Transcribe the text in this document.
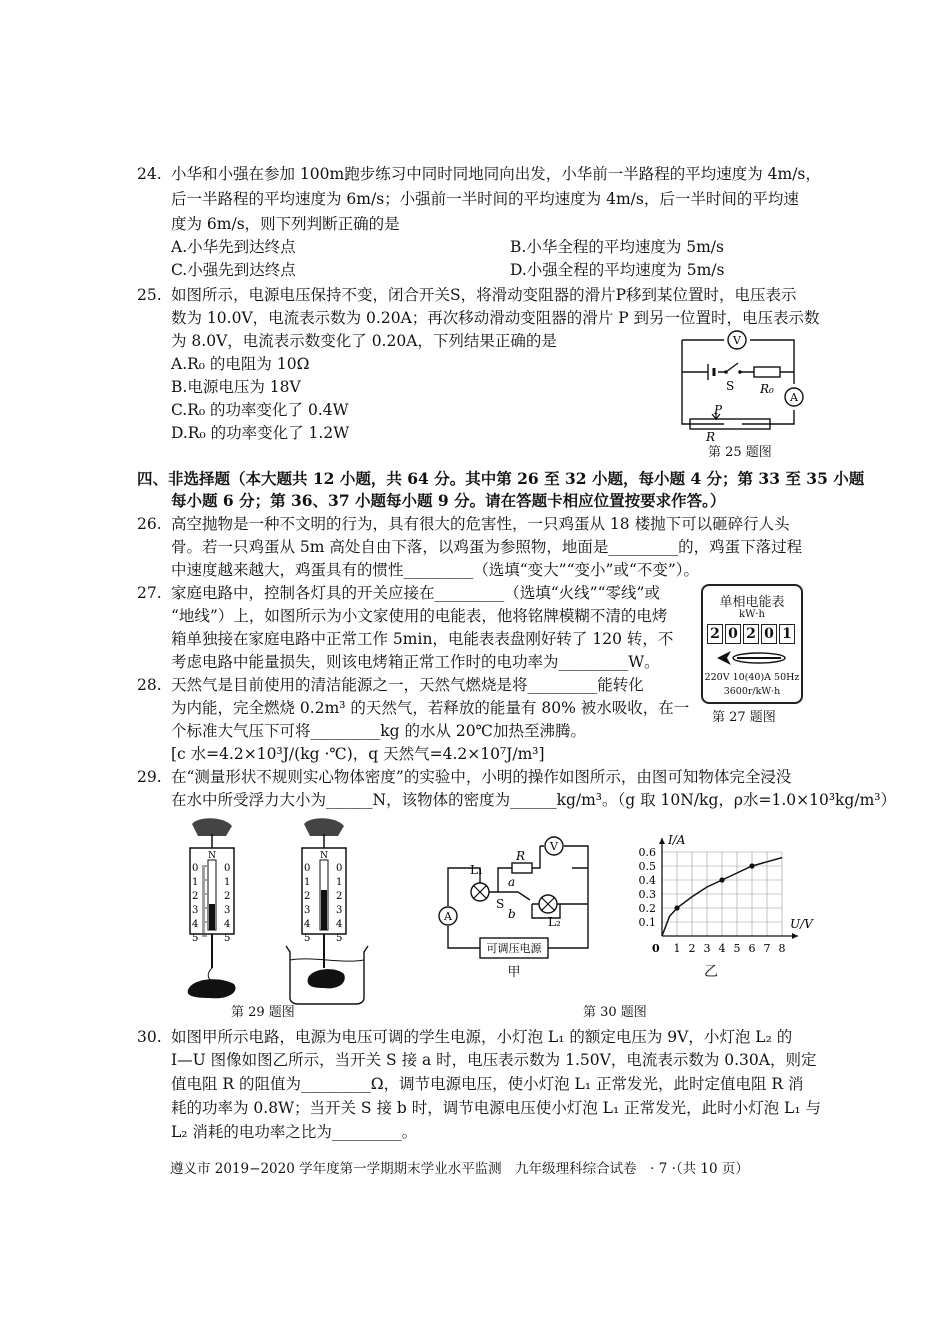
24. 小华和小强在参加 100m跑步练习中同时同地同向出发，小华前一半路程的平均速度为 4m/s，
后一半路程的平均速度为 6m/s；小强前一半时间的平均速度为 4m/s，后一半时间的平均速
度为 6m/s，则下列判断正确的是
A.小华先到达终点	B.小华全程的平均速度为 5m/s
C.小强先到达终点	D.小强全程的平均速度为 5m/s
25. 如图所示，电源电压保持不变，闭合开关S，将滑动变阻器的滑片P移到某位置时，电压表示
数为 10.0V，电流表示数为 0.20A；再次移动滑动变阻器的滑片 P 到另一位置时，电压表示数
为 8.0V，电流表示数变化了 0.20A，下列结果正确的是
A.R₀ 的电阻为 10Ω
B.电源电压为 18V
C.R₀ 的功率变化了 0.4W
D.R₀ 的功率变化了 1.2W
V
A
S R₀
P
R
第 25 题图
四、非选择题（本大题共 12 小题，共 64 分。其中第 26 至 32 小题，每小题 4 分；第 33 至 35 小题
每小题 6 分；第 36、37 小题每小题 9 分。请在答题卡相应位置按要求作答。）
26. 高空抛物是一种不文明的行为，具有很大的危害性，一只鸡蛋从 18 楼抛下可以砸碎行人头
骨。若一只鸡蛋从 5m 高处自由下落，以鸡蛋为参照物，地面是_________的，鸡蛋下落过程
中速度越来越大，鸡蛋具有的惯性_________（选填“变大”“变小”或“不变”）。
27. 家庭电路中，控制各灯具的开关应接在_________（选填“火线”“零线”或
“地线”）上，如图所示为小文家使用的电能表，他将铭牌模糊不清的电烤
箱单独接在家庭电路中正常工作 5min，电能表表盘刚好转了 120 转，不
考虑电路中能量损失，则该电烤箱正常工作时的电功率为_________W。
单相电能表
kW·h
2 0 2 0 1
220V 10(40)A 50Hz
3600r/kW·h
第 27 题图
28. 天然气是目前使用的清洁能源之一，天然气燃烧是将_________能转化
为内能，完全燃烧 0.2m³ 的天然气，若释放的能量有 80% 被水吸收，在一
个标准大气压下可将_________kg 的水从 20℃加热至沸腾。
[c 水=4.2×10³J/(kg ·℃)，q 天然气=4.2×10⁷J/m³]
29. 在“测量形状不规则实心物体密度”的实验中，小明的操作如图所示，由图可知物体完全浸没
在水中所受浮力大小为______N，该物体的密度为______kg/m³。（g 取 10N/kg，ρ水=1.0×10³kg/m³）
N
0
1
2
3
4
5
0
1
2
3
4
5
N
0
1
2
3
4
5
0
1
2
3
4
5
第 29 题图
V
A
R
L₁
a
S
b
L₂
可调压电源
甲
1 2 3 4 5 6 7 8
0.1
0.2
0.3
0.4
0.5
0.6
0
U/V
I/A
乙
第 30 题图
30. 如图甲所示电路，电源为电压可调的学生电源，小灯泡 L₁ 的额定电压为 9V，小灯泡 L₂ 的
I—U 图像如图乙所示，当开关 S 接 a 时，电压表示数为 1.50V，电流表示数为 0.30A，则定
值电阻 R 的阻值为_________Ω，调节电源电压，使小灯泡 L₁ 正常发光，此时定值电阻 R 消
耗的功率为 0.8W；当开关 S 接 b 时，调节电源电压使小灯泡 L₁ 正常发光，此时小灯泡 L₁ 与
L₂ 消耗的电功率之比为_________。
遵义市 2019−2020 学年度第一学期期末学业水平监测　九年级理科综合试卷　· 7 ·（共 10 页）
